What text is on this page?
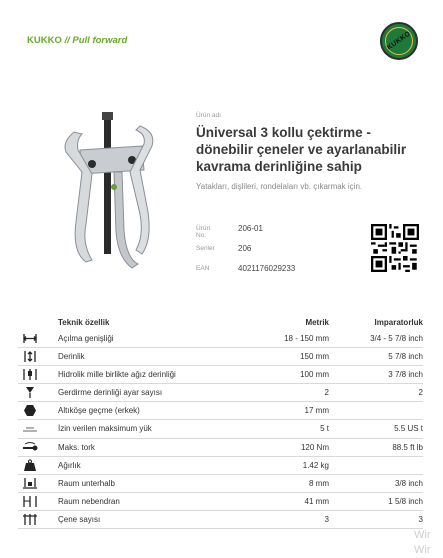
KUKKO // Pull forward	KUKKO
Ürün adı
Üniversal 3 kollu çektirme - dönebilir çeneler ve ayarlanabilir kavrama derinliğine sahip
Yatakları, dişlileri, rondelaları vb. çıkarmak için.
Ürün No.
206-01
Seriler	206
EAN	4021176029233
Teknik özellik	Metrik	Imparatorluk
Açılma genişliği	18 - 150 mm	3/4 - 5 7/8 inch
Derinlik	150 mm	5 7/8 inch
Hidrolik mille birlikte ağız derinliği	100 mm	3 7/8 inch
Gerdirme derinliği ayar sayısı	2	2
Altıköşe geçme (erkek)	17 mm
İzin verilen maksimum yük	5 t	5.5 US t
Maks. tork	120 Nm	88.5 ft lb
Ağırlık	1.42 kg
Raum unterhalb	8 mm	3/8 inch
Raum nebendran	41 mm	1 5/8 inch
Çene sayısı	3	3
Wir
Wir
